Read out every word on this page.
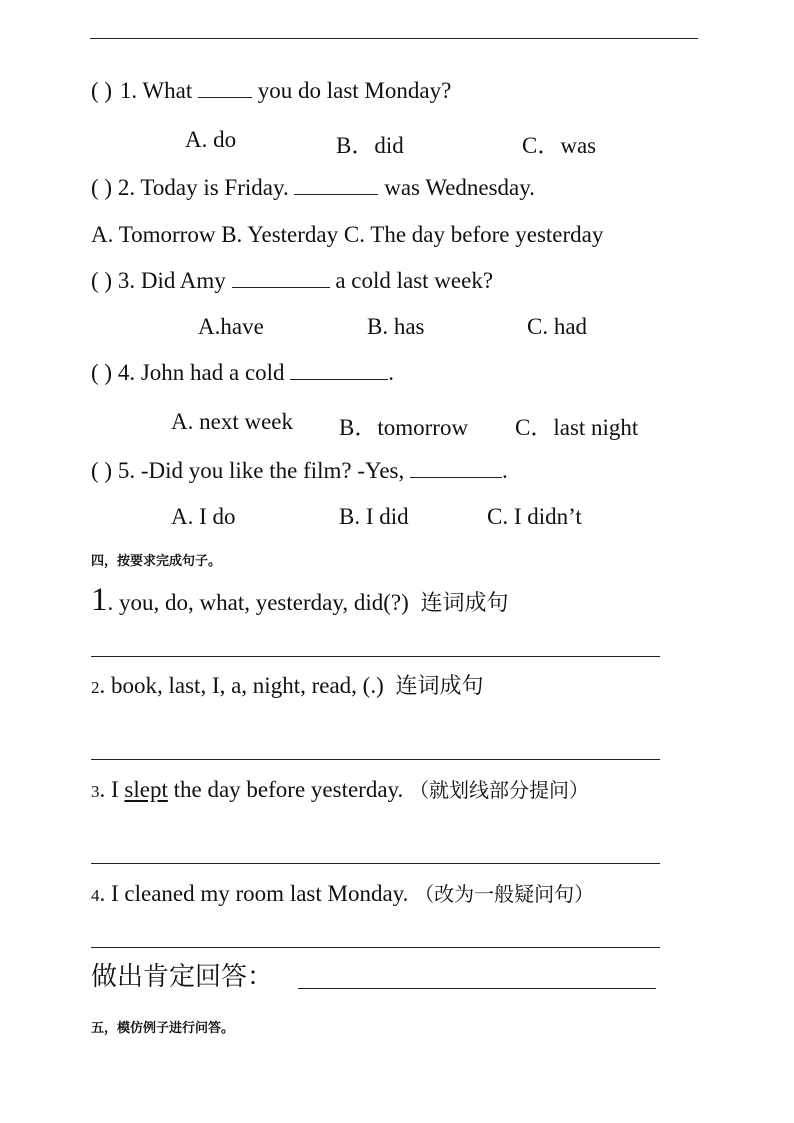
( ) 1. What	you do last Monday?
A. do	B．did	C．was
( ) 2. Today is Friday.	was Wednesday.
A. Tomorrow B. Yesterday C. The day before yesterday
( ) 3. Did Amy	a cold last week?
A.have	B. has	C. had
( ) 4. John had a cold	.
A. next week B．tomorrow C．last night
( ) 5. -Did you like the film? -Yes,	.
A. I do	B. I did	C. I didn’t
四，按要求完成句子。
1. you, do, what, yesterday, did(?) 连词成句
2. book, last, I, a, night, read, (.) 连词成句
3. I slept the day before yesterday. （就划线部分提问）
4. I cleaned my room last Monday. （改为一般疑问句）
做出肯定回答：
五，模仿例子进行问答。
